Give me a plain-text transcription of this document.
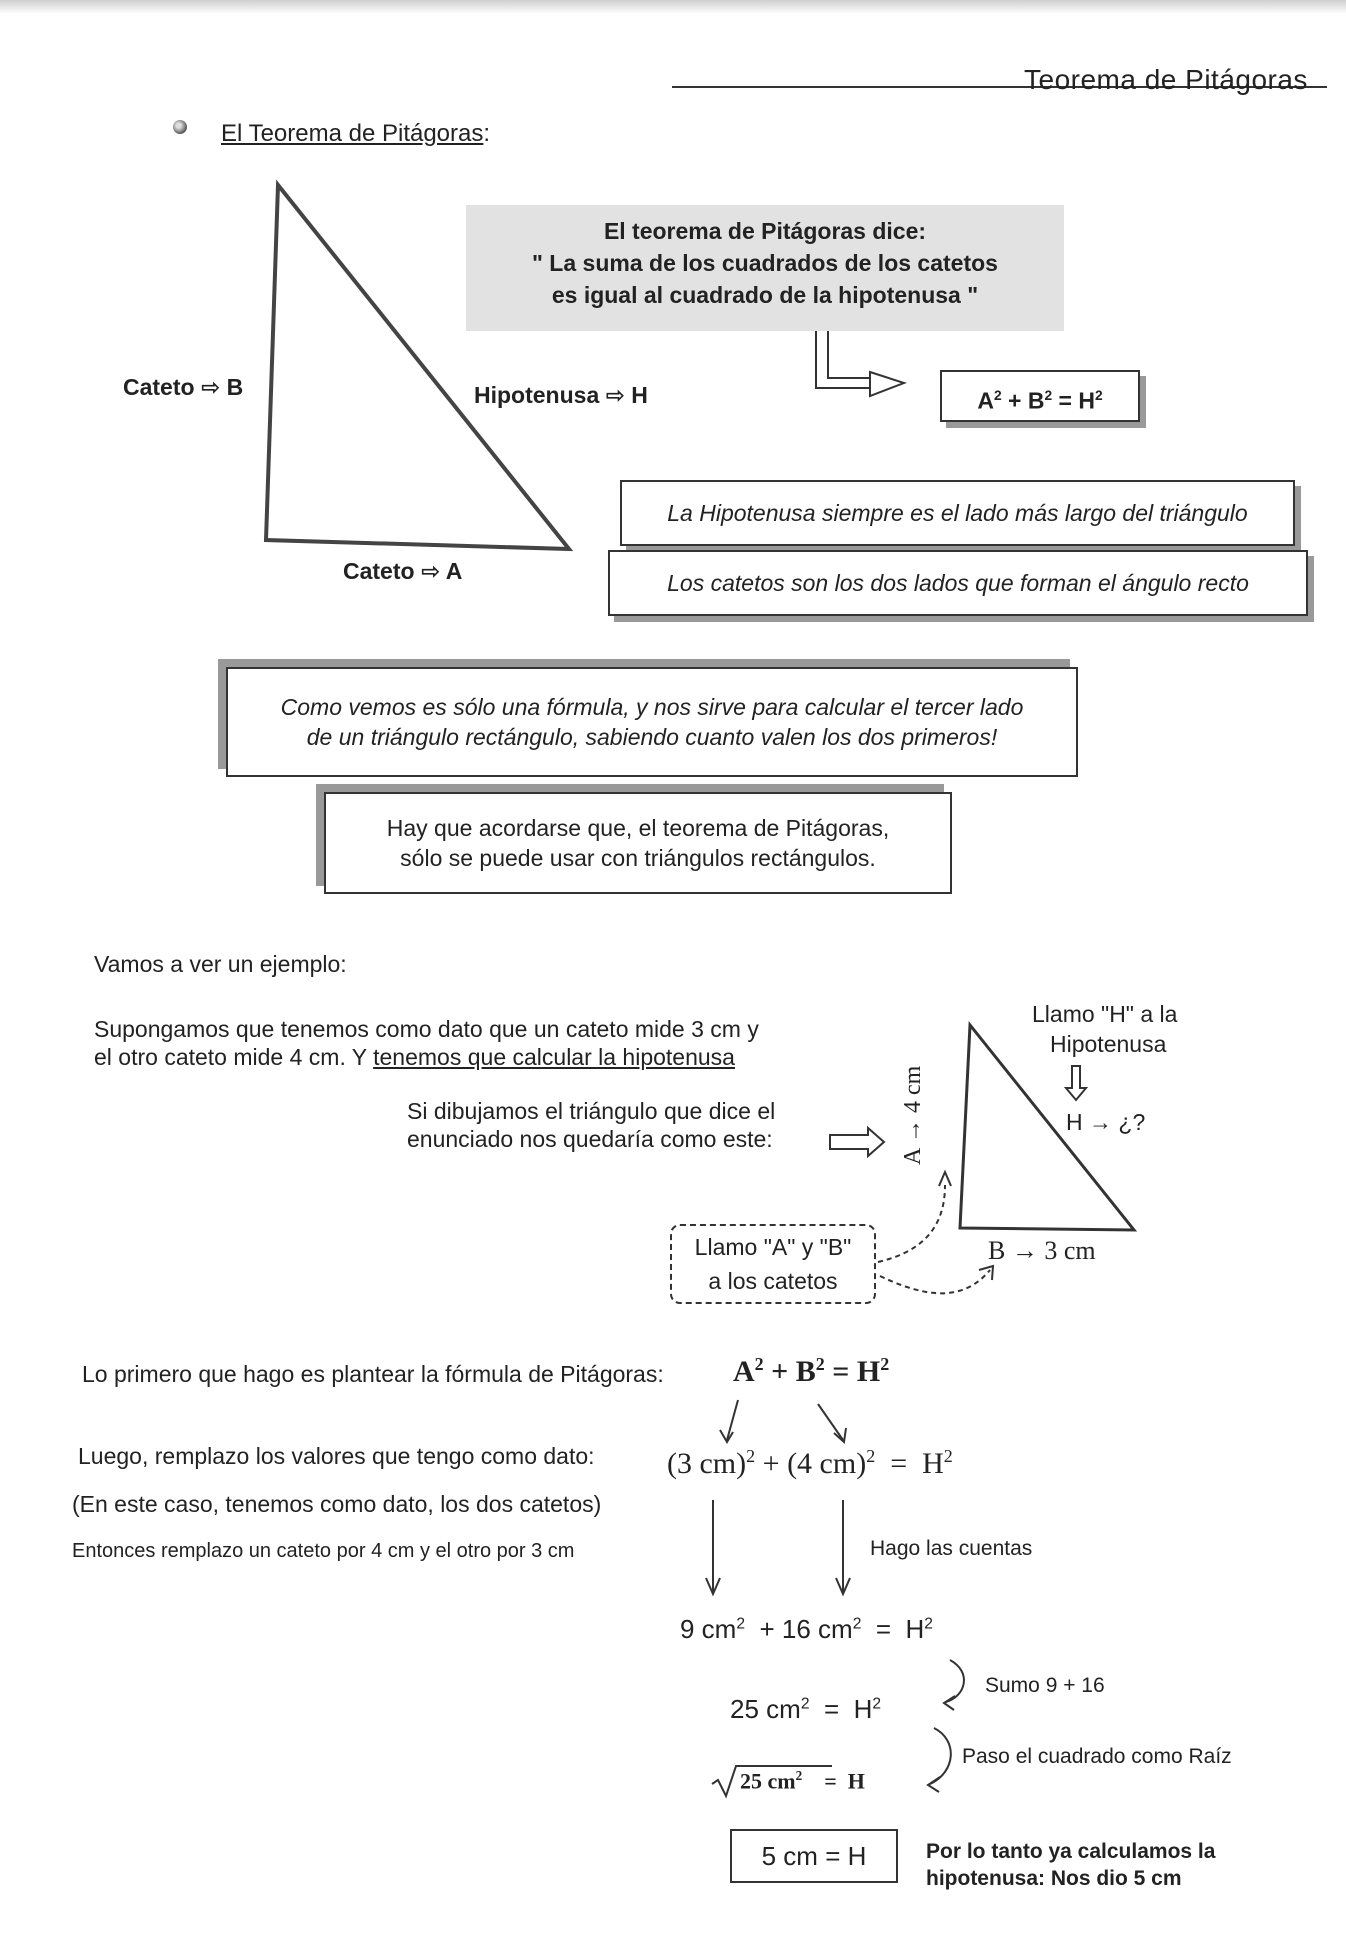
Teorema de Pitágoras
El Teorema de Pitágoras:
Cateto ⇨ B	Hipotenusa ⇨ H
Cateto ⇨ A
El teorema de Pitágoras dice:
" La suma de los cuadrados de los catetos
es igual al cuadrado de la hipotenusa "
$A^2 + B^2 = H^2$
La Hipotenusa siempre es el lado más largo del triángulo
Los catetos son los dos lados que forman el ángulo recto
Como vemos es sólo una fórmula, y nos sirve para calcular el tercer lado
de un triángulo rectángulo, sabiendo cuanto valen los dos primeros!
Hay que acordarse que, el teorema de Pitágoras,
sólo se puede usar con triángulos rectángulos.
Vamos a ver un ejemplo:
Supongamos que tenemos como dato que un cateto mide 3 cm y
el otro cateto mide 4 cm. Y tenemos que calcular la hipotenusa
Si dibujamos el triángulo que dice el
enunciado nos quedaría como este:
Llamo "H" a la
Hipotenusa
H → ¿?
A → 4 cm
B → 3 cm
Llamo "A" y "B"
a los catetos
Lo primero que hago es plantear la fórmula de Pitágoras: $A^2 + B^2 = H^2$
Luego, remplazo los valores que tengo como dato: (3 cm)$^2$ + (4 $cm)^2 = H^2$
(En este caso, tenemos como dato, los dos catetos)
Entonces remplazo un cateto por 4 cm y el otro por 3 cm	Hago las cuentas
9 $cm^2 + 16$ $cm^2 = H^2$
Sumo 9 + 16
25 $cm^2 = H^2$
Paso el cuadrado como Raíz
25 $cm^2 = H$
5 cm = H	Por lo tanto ya calculamos la
hipotenusa: Nos dio 5 cm
